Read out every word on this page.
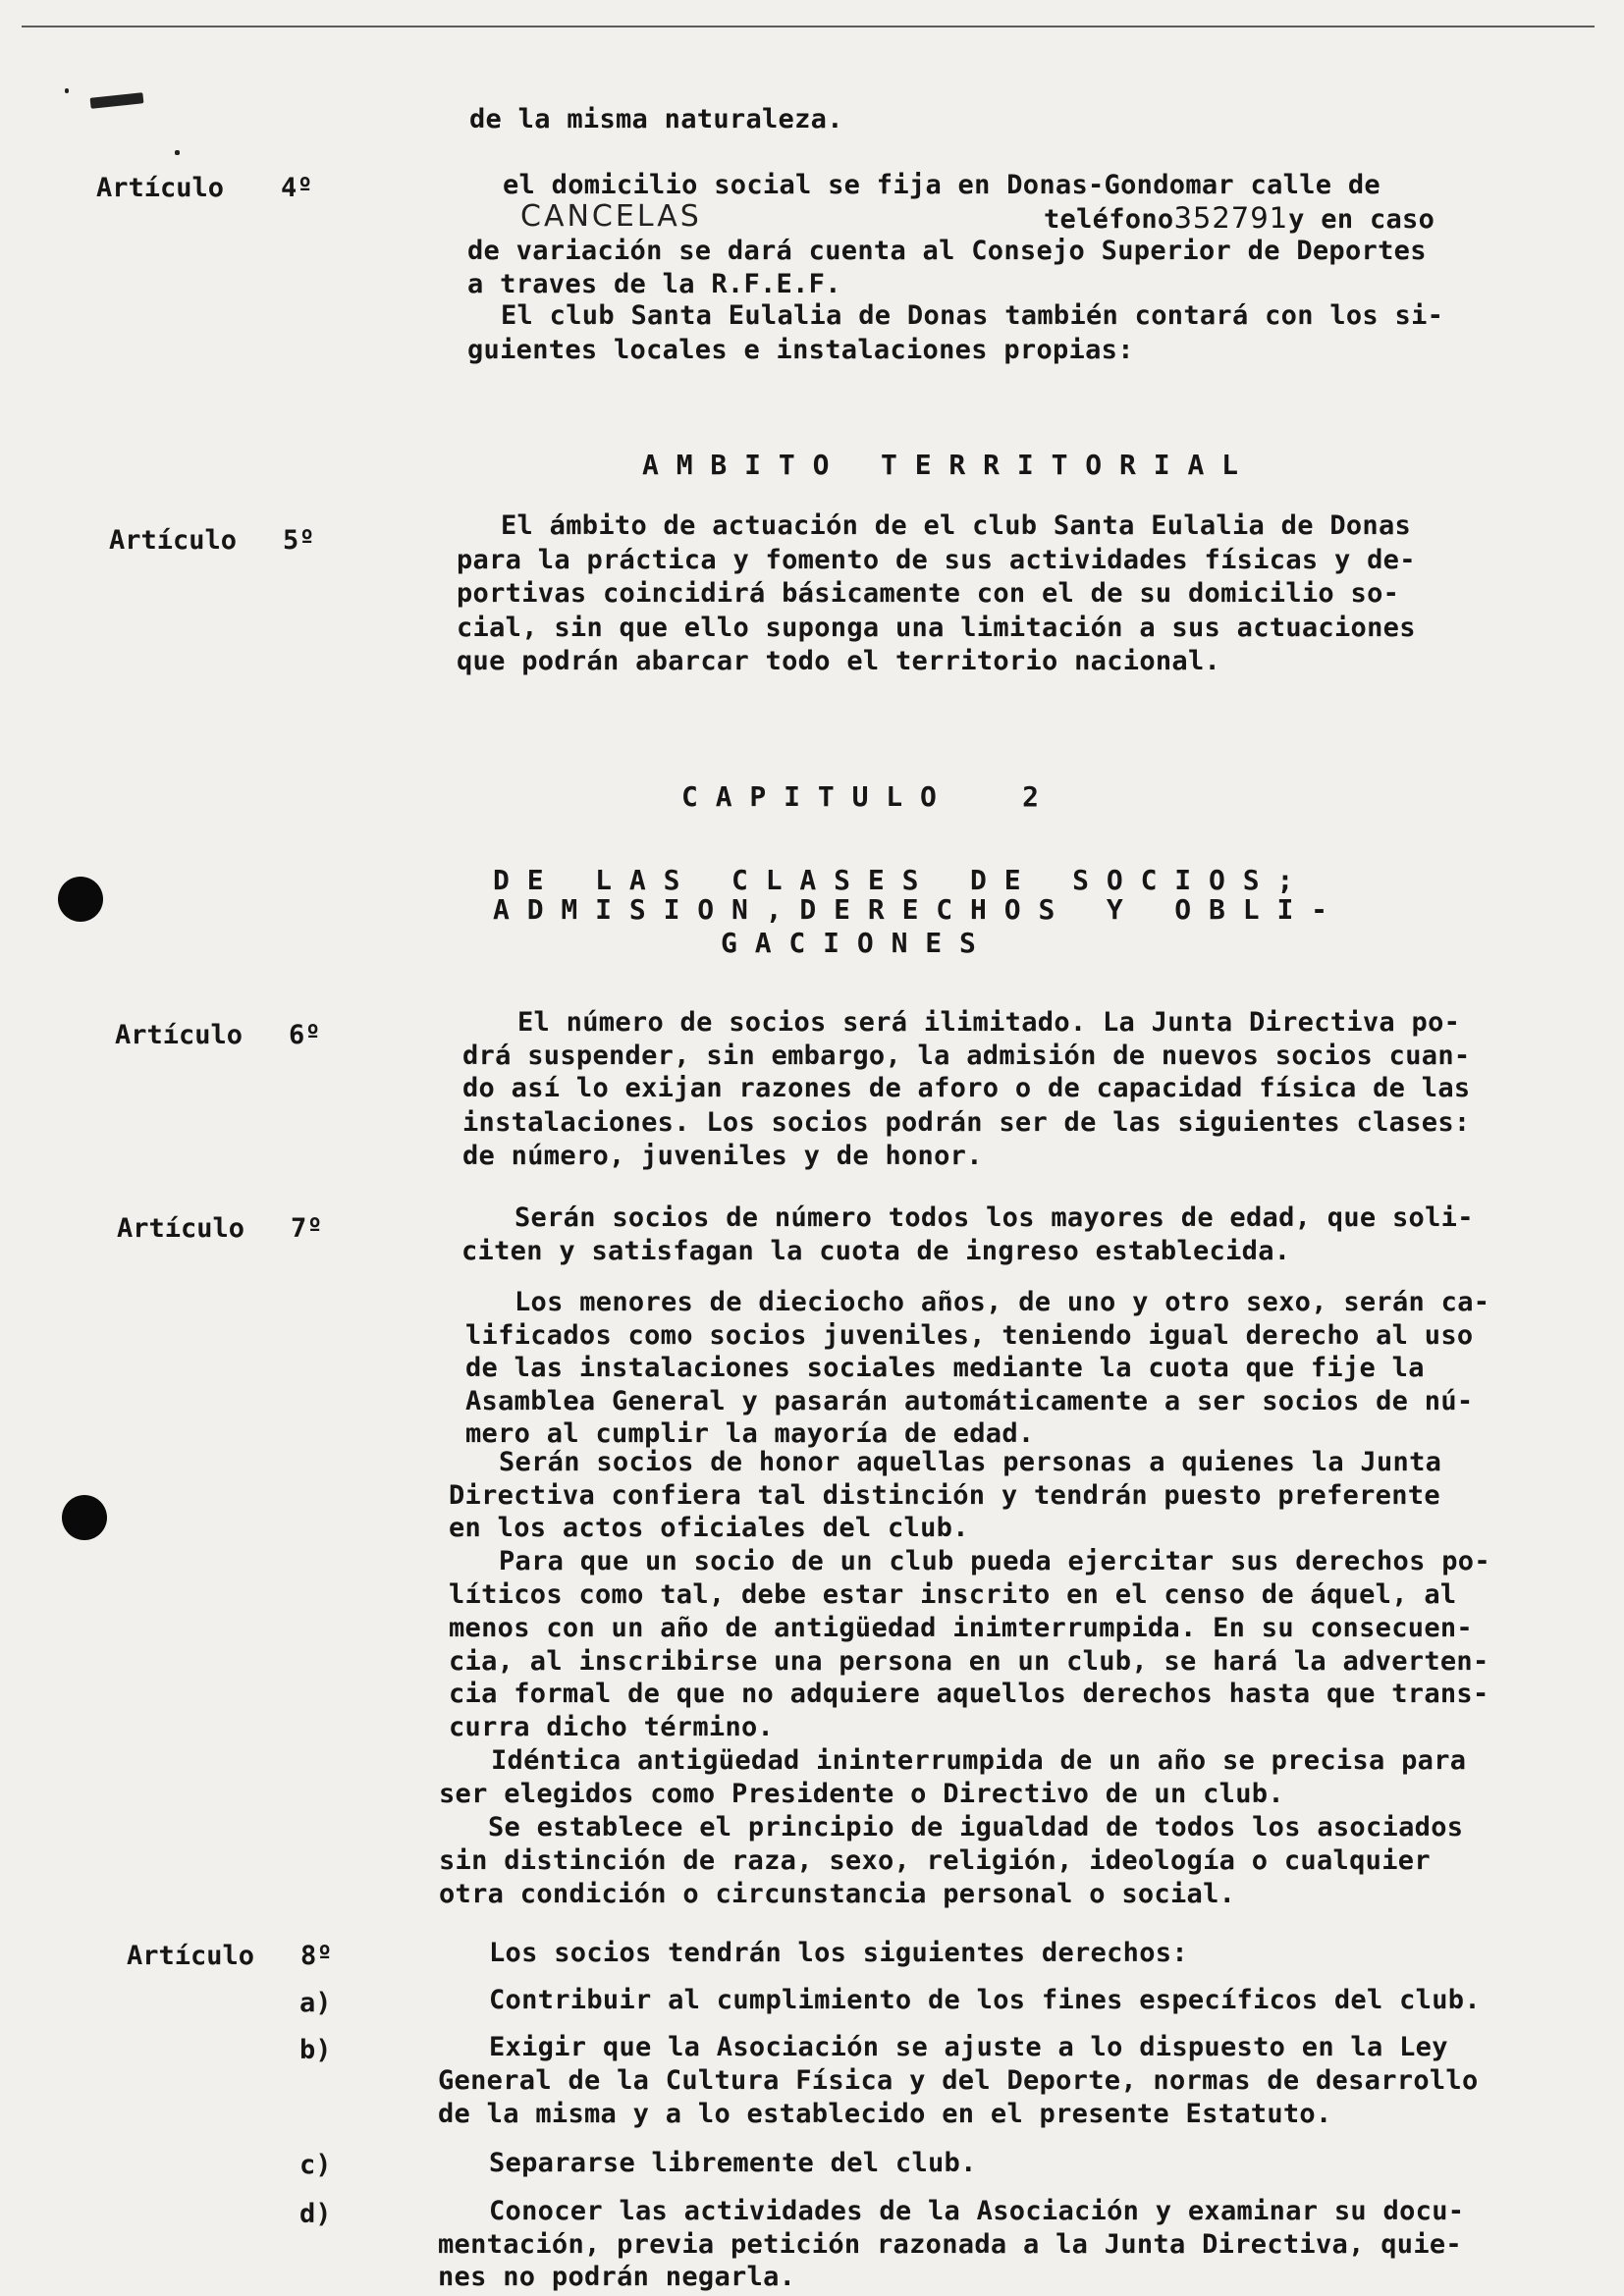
de la misma naturaleza.
Artículo 4º	el domicilio social se fija en Donas-Gondomar calle de
CANCELAS	teléfono352791y en caso
de variación se dará cuenta al Consejo Superior de Deportes
a traves de la R.F.E.F.
El club Santa Eulalia de Donas también contará con los si-
guientes locales e instalaciones propias:
A M B I T O   T E R R I T O R I A L
Artículo 5º	El ámbito de actuación de el club Santa Eulalia de Donas
para la práctica y fomento de sus actividades físicas y de-
portivas coincidirá básicamente con el de su domicilio so-
cial, sin que ello suponga una limitación a sus actuaciones
que podrán abarcar todo el territorio nacional.
C A P I T U L O     2
D E   L A S   C L A S E S   D E   S O C I O S ;
A D M I S I O N , D E R E C H O S   Y   O B L I -
G A C I O N E S
Artículo 6º	El número de socios será ilimitado. La Junta Directiva po-
drá suspender, sin embargo, la admisión de nuevos socios cuan-
do así lo exijan razones de aforo o de capacidad física de las
instalaciones. Los socios podrán ser de las siguientes clases:
de número, juveniles y de honor.
Artículo 7º	Serán socios de número todos los mayores de edad, que soli-
citen y satisfagan la cuota de ingreso establecida.
Los menores de dieciocho años, de uno y otro sexo, serán ca-
lificados como socios juveniles, teniendo igual derecho al uso
de las instalaciones sociales mediante la cuota que fije la
Asamblea General y pasarán automáticamente a ser socios de nú-
mero al cumplir la mayoría de edad.
Serán socios de honor aquellas personas a quienes la Junta
Directiva confiera tal distinción y tendrán puesto preferente
en los actos oficiales del club.
Para que un socio de un club pueda ejercitar sus derechos po-
líticos como tal, debe estar inscrito en el censo de áquel, al
menos con un año de antigüedad inimterrumpida. En su consecuen-
cia, al inscribirse una persona en un club, se hará la adverten-
cia formal de que no adquiere aquellos derechos hasta que trans-
curra dicho término.
Idéntica antigüedad ininterrumpida de un año se precisa para
ser elegidos como Presidente o Directivo de un club.
Se establece el principio de igualdad de todos los asociados
sin distinción de raza, sexo, religión, ideología o cualquier
otra condición o circunstancia personal o social.
Artículo 8º	Los socios tendrán los siguientes derechos:
a)	Contribuir al cumplimiento de los fines específicos del club.
b)	Exigir que la Asociación se ajuste a lo dispuesto en la Ley
General de la Cultura Física y del Deporte, normas de desarrollo
de la misma y a lo establecido en el presente Estatuto.
c)	Separarse libremente del club.
d)	Conocer las actividades de la Asociación y examinar su docu-
mentación, previa petición razonada a la Junta Directiva, quie-
nes no podrán negarla.
